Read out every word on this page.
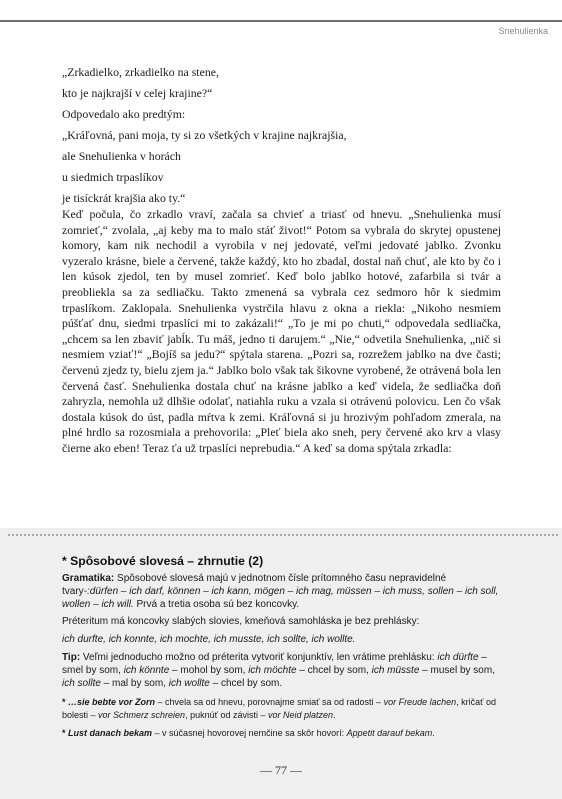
Snehulienka
„Zrkadielko, zrkadielko na stene,
kto je najkrajší v celej krajine?“
Odpovedalo ako predtým:
„Kráľovná, pani moja, ty si zo všetkých v krajine najkrajšia,
ale Snehulienka v horách
u siedmich trpaslíkov
je tisíckrát krajšia ako ty.“

Keď počula, čo zrkadlo vraví, začala sa chvieť a triasť od hnevu. „Snehulienka musí zomrieť,“ zvolala, „aj keby ma to malo stáť život!“ Potom sa vybrala do skrytej opustenej komory, kam nik nechodil a vyrobila v nej jedovaté, veľmi jedovaté jablko. Zvonku vyzeralo krásne, biele a červené, takže každý, kto ho zbadal, dostal naň chuť, ale kto by čo i len kúsok zjedol, ten by musel zomrieť. Keď bolo jablko hotové, zafarbila si tvár a preobliekla sa za sedliačku. Takto zmenená sa vybrala cez sedmoro hôr k siedmim trpaslíkom. Zaklopala. Snehulienka vystrčila hlavu z okna a riekla: „Nikoho nesmiem púšťať dnu, siedmi trpaslíci mi to zakázali!“ „To je mi po chuti,“ odpovedala sedliačka, „chcem sa len zbaviť jabĺk. Tu máš, jedno ti darujem.“ „Nie,“ odvetila Snehulienka, „nič si nesmiem vziať!“ „Bojíš sa jedu?“ spýtala starena. „Pozri sa, rozrežem jablko na dve časti; červenú zjedz ty, bielu zjem ja.“ Jablko bolo však tak šikovne vyrobené, že otrávená bola len červená časť. Snehulienka dostala chuť na krásne jablko a keď videla, že sedliačka doň zahryzla, nemohla už dlhšie odolať, natiahla ruku a vzala si otrávenú polovicu. Len čo však dostala kúsok do úst, padla mŕtva k zemi. Kráľovná si ju hrozivým pohľadom zmerala, na plné hrdlo sa rozosmiala a prehovorila: „Pleť biela ako sneh, pery červené ako krv a vlasy čierne ako eben! Teraz ťa už trpaslíci neprebudia.“ A keď sa doma spýtala zrkadla:

* Spôsobové slovesá – zhrnutie (2)

Gramatika: Spôsobové slovesá majú v jednotnom čísle prítomného času nepravidelné tvary-:dürfen – ich darf, können – ich kann, mögen – ich mag, müssen – ich muss, sollen – ich soll, wollen – ich will. Prvá a tretia osoba sú bez koncovky.

Préteritum má koncovky slabých slovies, kmeňová samohláska je bez prehlásky:

ich durfte, ich konnte, ich mochte, ich musste, ich sollte, ich wollte.

Tip: Veľmi jednoducho možno od préterita vytvoriť konjunktív, len vrátime prehlásku: ich dürfte – smel by som, ich könnte – mohol by som, ich möchte – chcel by som, ich müsste – musel by som, ich sollte – mal by som, ich wollte – chcel by som.

* …sie bebte vor Zorn – chvela sa od hnevu, porovnajme smiať sa od radosti – vor Freude lachen, kričať od bolesti – vor Schmerz schreien, puknúť od závisti – vor Neid platzen.

* Lust danach bekam – v súčasnej hovorovej nemčine sa skôr hovorí: Appetit darauf bekam.

— 77 —
